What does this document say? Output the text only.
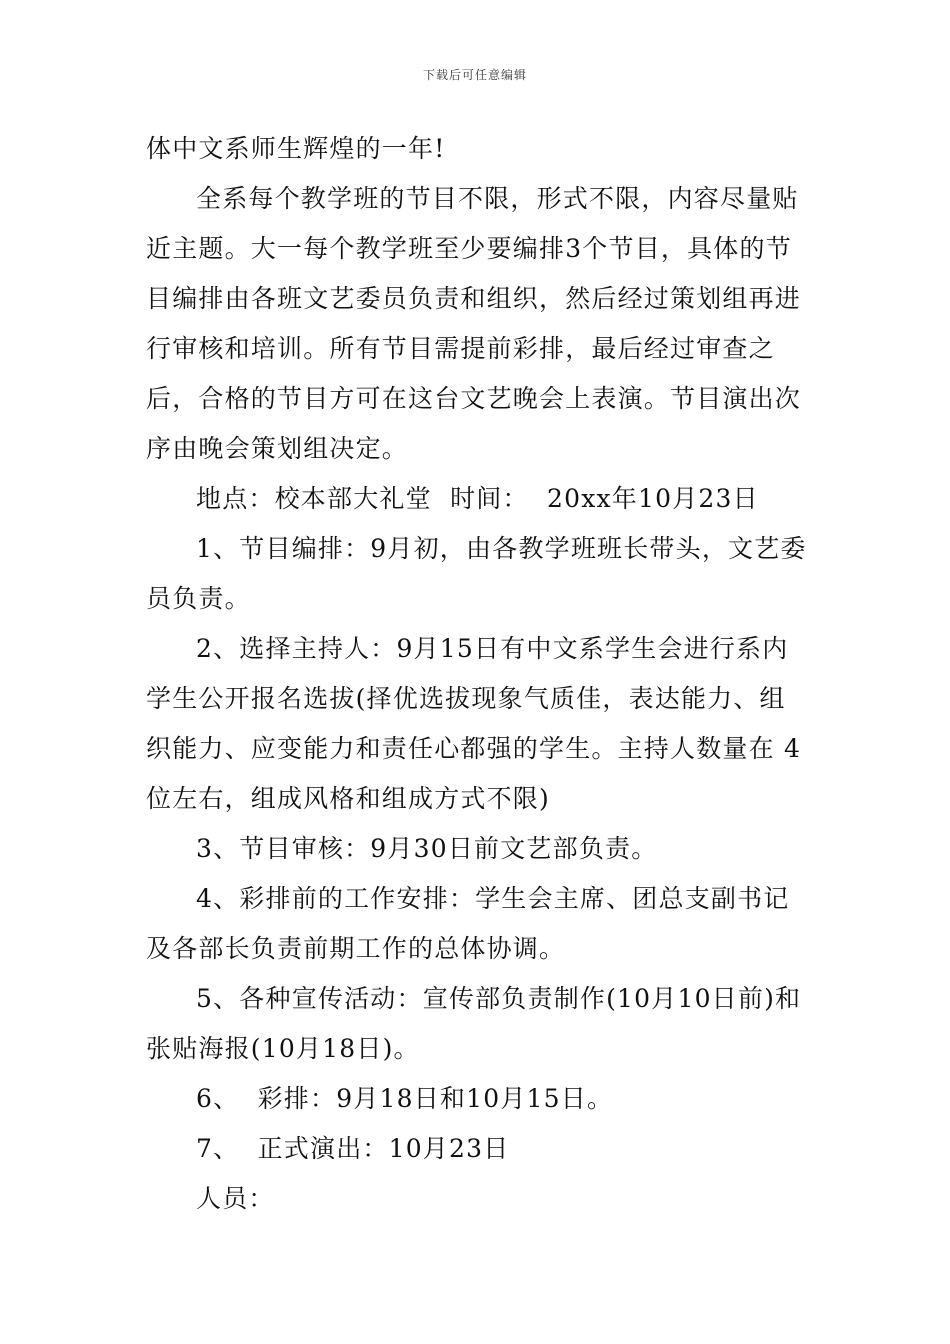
下载后可任意编辑

体中文系师生辉煌的一年!

全系每个教学班的节目不限，形式不限，内容尽量贴近主题。大一每个教学班至少要编排3个节目，具体的节目编排由各班文艺委员负责和组织，然后经过策划组再进行审核和培训。所有节目需提前彩排，最后经过审查之后，合格的节目方可在这台文艺晚会上表演。节目演出次序由晚会策划组决定。

地点：校本部大礼堂  时间：  20xx年10月23日

1、节目编排：9月初，由各教学班班长带头，文艺委员负责。

2、选择主持人：9月15日有中文系学生会进行系内学生公开报名选拔(择优选拔现象气质佳，表达能力、组织能力、应变能力和责任心都强的学生。主持人数量在 4 位左右，组成风格和组成方式不限)

3、节目审核：9月30日前文艺部负责。

4、彩排前的工作安排：学生会主席、团总支副书记及各部长负责前期工作的总体协调。

5、各种宣传活动：宣传部负责制作(10月10日前)和张贴海报(10月18日)。

6、  彩排：9月18日和10月15日。

7、  正式演出：10月23日

人员：
